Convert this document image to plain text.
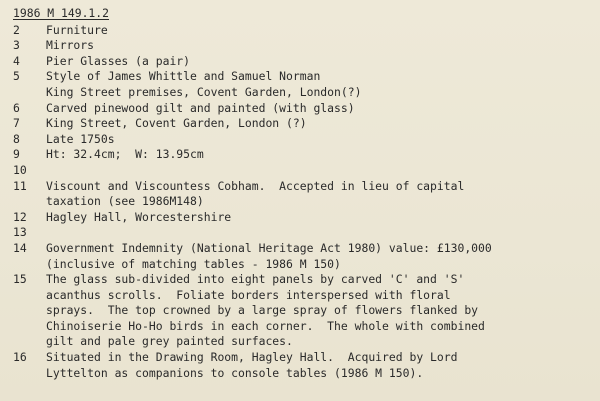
1986 M 149.1.2
2	Furniture
3	Mirrors
4	Pier Glasses (a pair)
5	Style of James Whittle and Samuel Norman
King Street premises, Covent Garden, London(?)
6	Carved pinewood gilt and painted (with glass)
7	King Street, Covent Garden, London (?)
8	Late 1750s
9	Ht: 32.4cm;  W: 13.95cm
10
11	Viscount and Viscountess Cobham.  Accepted in lieu of capital
taxation (see 1986M148)
12	Hagley Hall, Worcestershire
13
14	Government Indemnity (National Heritage Act 1980) value: £130,000
(inclusive of matching tables - 1986 M 150)
15	The glass sub-divided into eight panels by carved 'C' and 'S'
acanthus scrolls.  Foliate borders interspersed with floral
sprays.  The top crowned by a large spray of flowers flanked by
Chinoiserie Ho-Ho birds in each corner.  The whole with combined
gilt and pale grey painted surfaces.
16	Situated in the Drawing Room, Hagley Hall.  Acquired by Lord
Lyttelton as companions to console tables (1986 M 150).
